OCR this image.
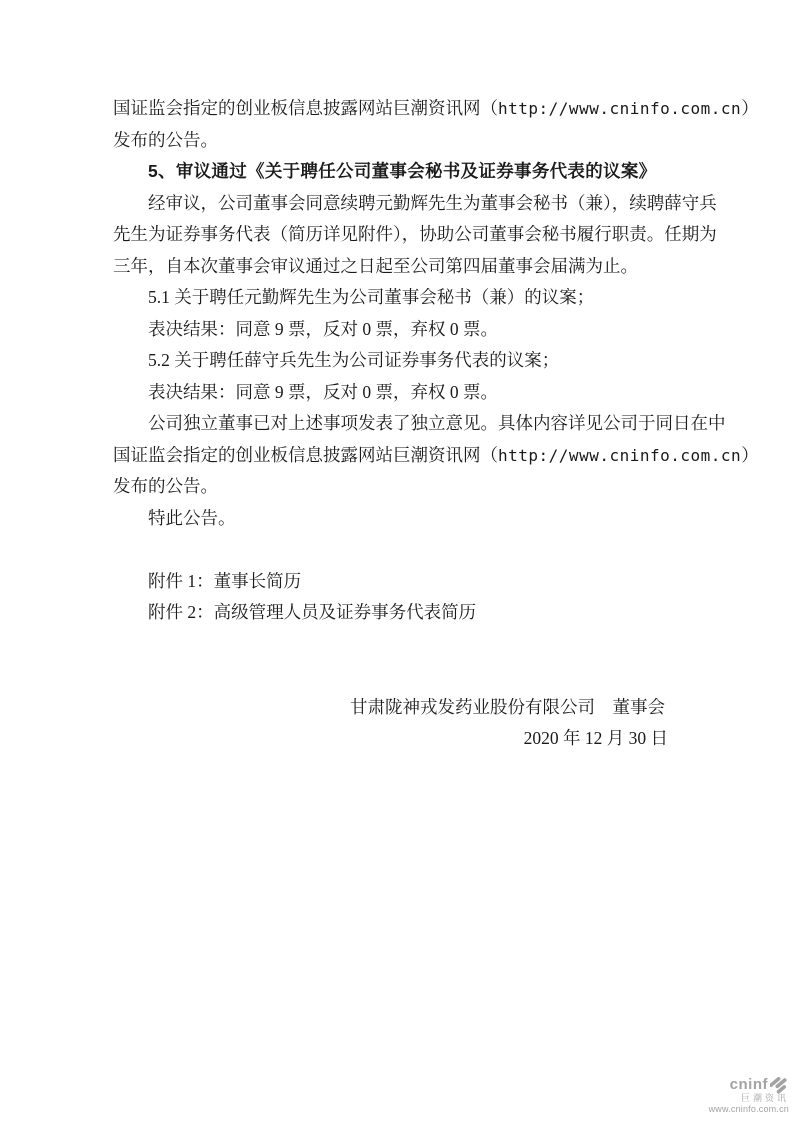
国证监会指定的创业板信息披露网站巨潮资讯网（http://www.cninfo.com.cn）
发布的公告。
5、审议通过《关于聘任公司董事会秘书及证券事务代表的议案》
经审议，公司董事会同意续聘元勤辉先生为董事会秘书（兼），续聘薛守兵
先生为证券事务代表（简历详见附件），协助公司董事会秘书履行职责。任期为
三年，自本次董事会审议通过之日起至公司第四届董事会届满为止。
5.1 关于聘任元勤辉先生为公司董事会秘书（兼）的议案；
表决结果：同意 9 票，反对 0 票，弃权 0 票。
5.2 关于聘任薛守兵先生为公司证券事务代表的议案；
表决结果：同意 9 票，反对 0 票，弃权 0 票。
公司独立董事已对上述事项发表了独立意见。具体内容详见公司于同日在中
国证监会指定的创业板信息披露网站巨潮资讯网（http://www.cninfo.com.cn）
发布的公告。
特此公告。
附件 1：董事长简历
附件 2：高级管理人员及证券事务代表简历
甘肃陇神戎发药业股份有限公司　董事会
2020 年 12 月 30 日
cninf
巨潮资讯
www.cninfo.com.cn
